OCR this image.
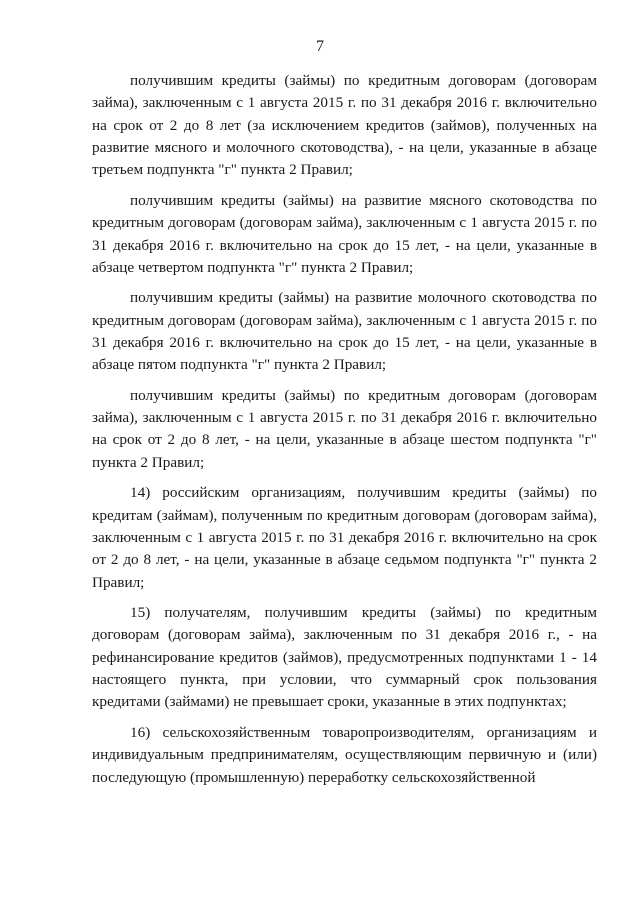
7

получившим кредиты (займы) по кредитным договорам (договорам займа), заключенным с 1 августа 2015 г. по 31 декабря 2016 г. включительно на срок от 2 до 8 лет (за исключением кредитов (займов), полученных на развитие мясного и молочного скотоводства), - на цели, указанные в абзаце третьем подпункта "г" пункта 2 Правил;

получившим кредиты (займы) на развитие мясного скотоводства по кредитным договорам (договорам займа), заключенным с 1 августа 2015 г. по 31 декабря 2016 г. включительно на срок до 15 лет, - на цели, указанные в абзаце четвертом подпункта "г" пункта 2 Правил;

получившим кредиты (займы) на развитие молочного скотоводства по кредитным договорам (договорам займа), заключенным с 1 августа 2015 г. по 31 декабря 2016 г. включительно на срок до 15 лет, - на цели, указанные в абзаце пятом подпункта "г" пункта 2 Правил;

получившим кредиты (займы) по кредитным договорам (договорам займа), заключенным с 1 августа 2015 г. по 31 декабря 2016 г. включительно на срок от 2 до 8 лет, - на цели, указанные в абзаце шестом подпункта "г" пункта 2 Правил;

14) российским организациям, получившим кредиты (займы) по кредитам (займам), полученным по кредитным договорам (договорам займа), заключенным с 1 августа 2015 г. по 31 декабря 2016 г. включительно на срок от 2 до 8 лет, - на цели, указанные в абзаце седьмом подпункта "г" пункта 2 Правил;

15) получателям, получившим кредиты (займы) по кредитным договорам (договорам займа), заключенным по 31 декабря 2016 г., - на рефинансирование кредитов (займов), предусмотренных подпунктами 1 - 14 настоящего пункта, при условии, что суммарный срок пользования кредитами (займами) не превышает сроки, указанные в этих подпунктах;

16) сельскохозяйственным товаропроизводителям, организациям и индивидуальным предпринимателям, осуществляющим первичную и (или) последующую (промышленную) переработку сельскохозяйственной
